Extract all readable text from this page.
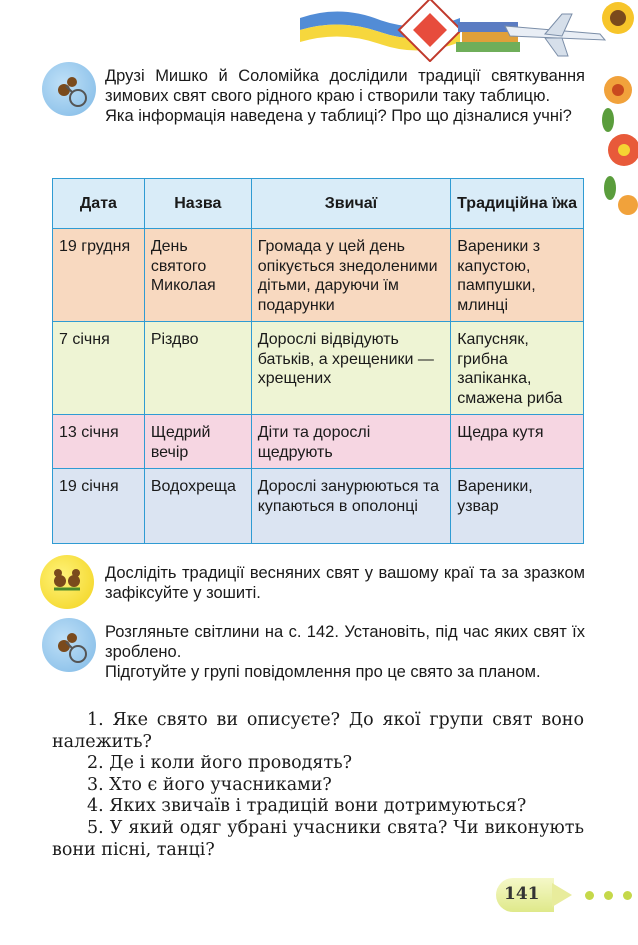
Друзі Мишко й Соломійка дослідили традиції святкування зимових свят свого рідного краю і створили таку таблицю.

Яка інформація наведена у таблиці? Про що дізналися учні?

Дата	Назва	Звичаї	Традиційна їжа
19 грудня	День святого Миколая	Громада у цей день опікується знедоленими дітьми, даруючи їм подарунки	Вареники з капустою, пампушки, млинці
7 січня	Різдво	Дорослі відвідують батьків, а хрещеники — хрещених	Капусняк, грибна запіканка, смажена риба
13 січня	Щедрий вечір	Діти та дорослі щедрують	Щедра кутя
19 січня	Водохреща	Дорослі занурюються та купаються в ополонці	Вареники, узвар

Дослідіть традиції весняних свят у вашому краї та за зразком зафіксуйте у зошиті.

Розгляньте світлини на с. 142. Установіть, під час яких свят їх зроблено.

Підготуйте у групі повідомлення про це свято за планом.

1. Яке свято ви описуєте? До якої групи свят воно належить?

2. Де і коли його проводять?

3. Хто є його учасниками?

4. Яких звичаїв і традицій вони дотримуються?

5. У який одяг убрані учасники свята? Чи виконують вони пісні, танці?

141
